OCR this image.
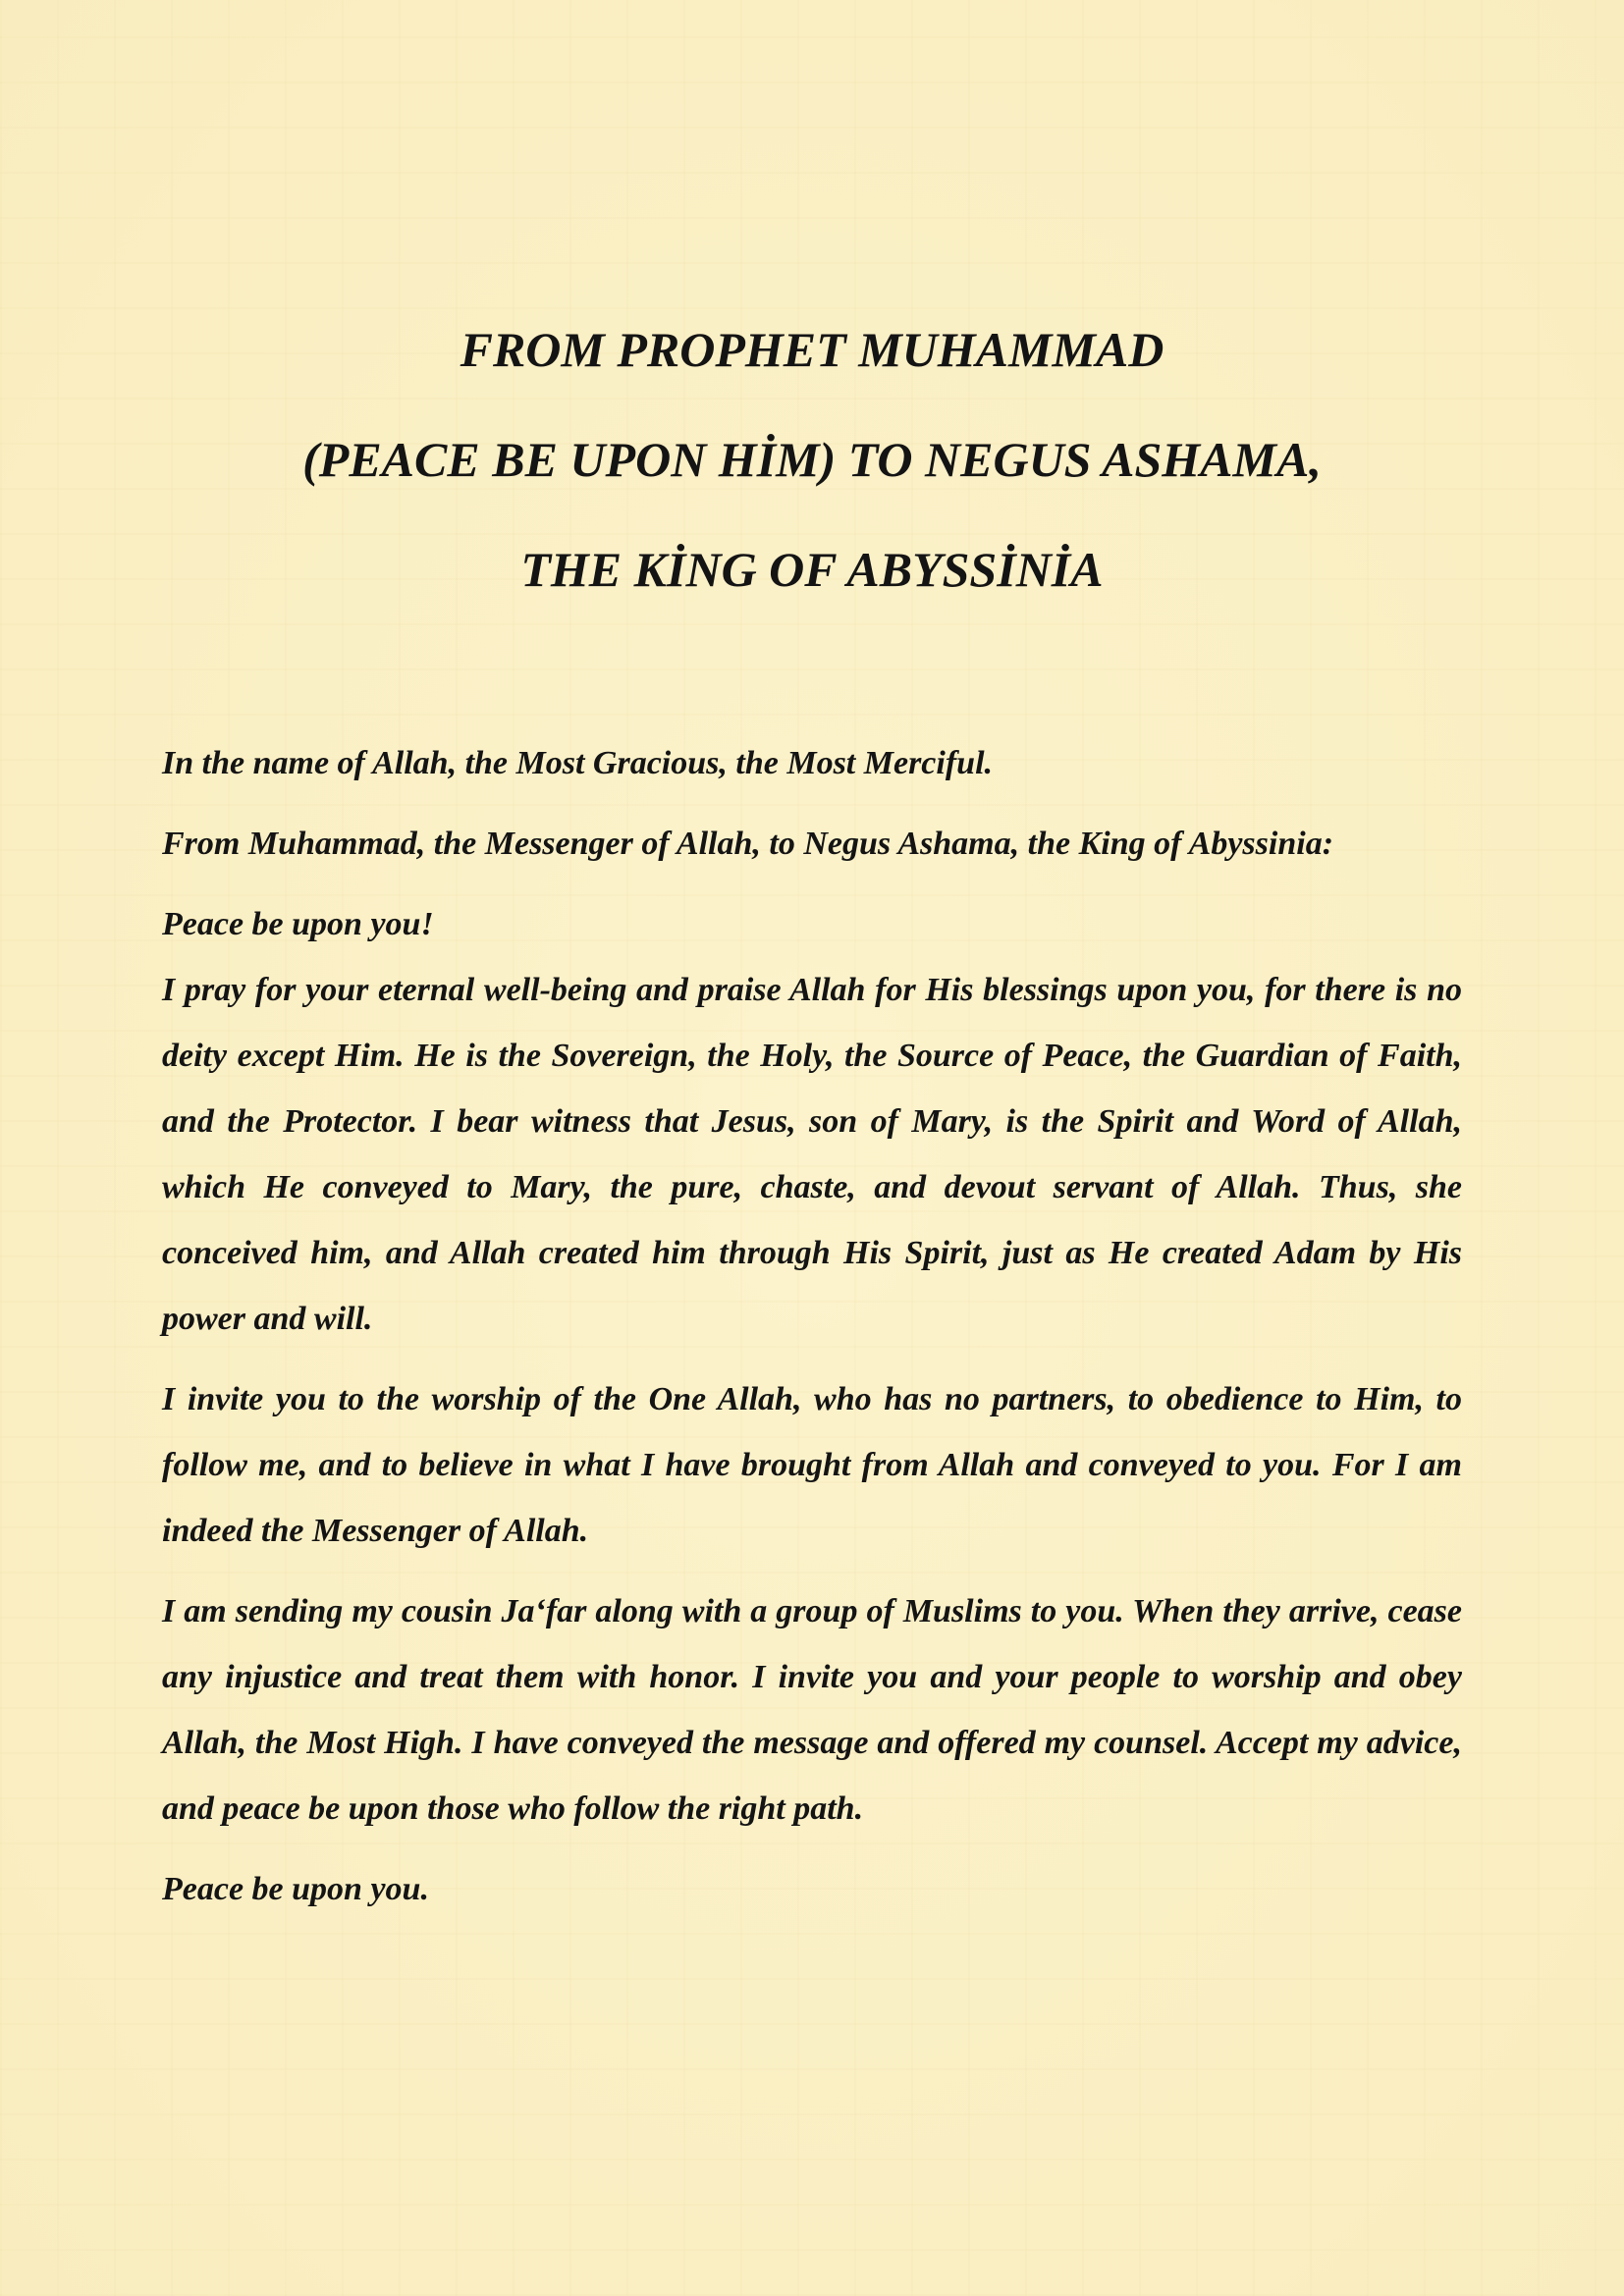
FROM PROPHET MUHAMMAD
(PEACE BE UPON HİM) TO NEGUS ASHAMA,
THE KİNG OF ABYSSİNİA

In the name of Allah, the Most Gracious, the Most Merciful.

From Muhammad, the Messenger of Allah, to Negus Ashama, the King of Abyssinia:

Peace be upon you!

I pray for your eternal well-being and praise Allah for His blessings upon you, for there is no deity except Him. He is the Sovereign, the Holy, the Source of Peace, the Guardian of Faith, and the Protector. I bear witness that Jesus, son of Mary, is the Spirit and Word of Allah, which He conveyed to Mary, the pure, chaste, and devout servant of Allah. Thus, she conceived him, and Allah created him through His Spirit, just as He created Adam by His power and will.

I invite you to the worship of the One Allah, who has no partners, to obedience to Him, to follow me, and to believe in what I have brought from Allah and conveyed to you. For I am indeed the Messenger of Allah.

I am sending my cousin Ja‘far along with a group of Muslims to you. When they arrive, cease any injustice and treat them with honor. I invite you and your people to worship and obey Allah, the Most High. I have conveyed the message and offered my counsel. Accept my advice, and peace be upon those who follow the right path.

Peace be upon you.
